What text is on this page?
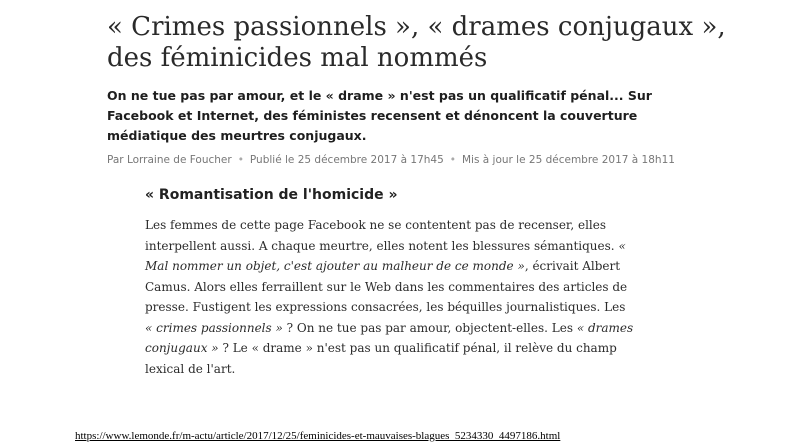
« Crimes passionnels », « drames conjugaux »,
des féminicides mal nommés

On ne tue pas par amour, et le « drame » n'est pas un qualificatif pénal... Sur Facebook et Internet, des féministes recensent et dénoncent la couverture médiatique des meurtres conjugaux.

Par Lorraine de Foucher • Publié le 25 décembre 2017 à 17h45 • Mis à jour le 25 décembre 2017 à 18h11
« Romantisation de l'homicide »

Les femmes de cette page Facebook ne se contentent pas de recenser, elles interpellent aussi. A chaque meurtre, elles notent les blessures sémantiques. « Mal nommer un objet, c'est ajouter au malheur de ce monde », écrivait Albert Camus. Alors elles ferraillent sur le Web dans les commentaires des articles de presse. Fustigent les expressions consacrées, les béquilles journalistiques. Les « crimes passionnels » ? On ne tue pas par amour, objectent-elles. Les « drames conjugaux » ? Le « drame » n'est pas un qualificatif pénal, il relève du champ lexical de l'art.

https://www.lemonde.fr/m-actu/article/2017/12/25/feminicides-et-mauvaises-blagues_5234330_4497186.html
